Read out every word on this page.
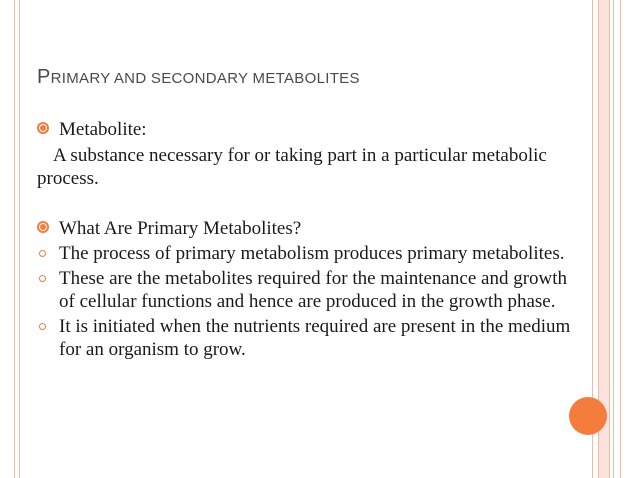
PRIMARY AND SECONDARY METABOLITES
Metabolite:
A substance necessary for or taking part in a particular metabolic process.
What Are Primary Metabolites?
The process of primary metabolism produces primary metabolites.
These are the metabolites required for the maintenance and growth of cellular functions and hence are produced in the growth phase.
It is initiated when the nutrients required are present in the medium for an organism to grow.
